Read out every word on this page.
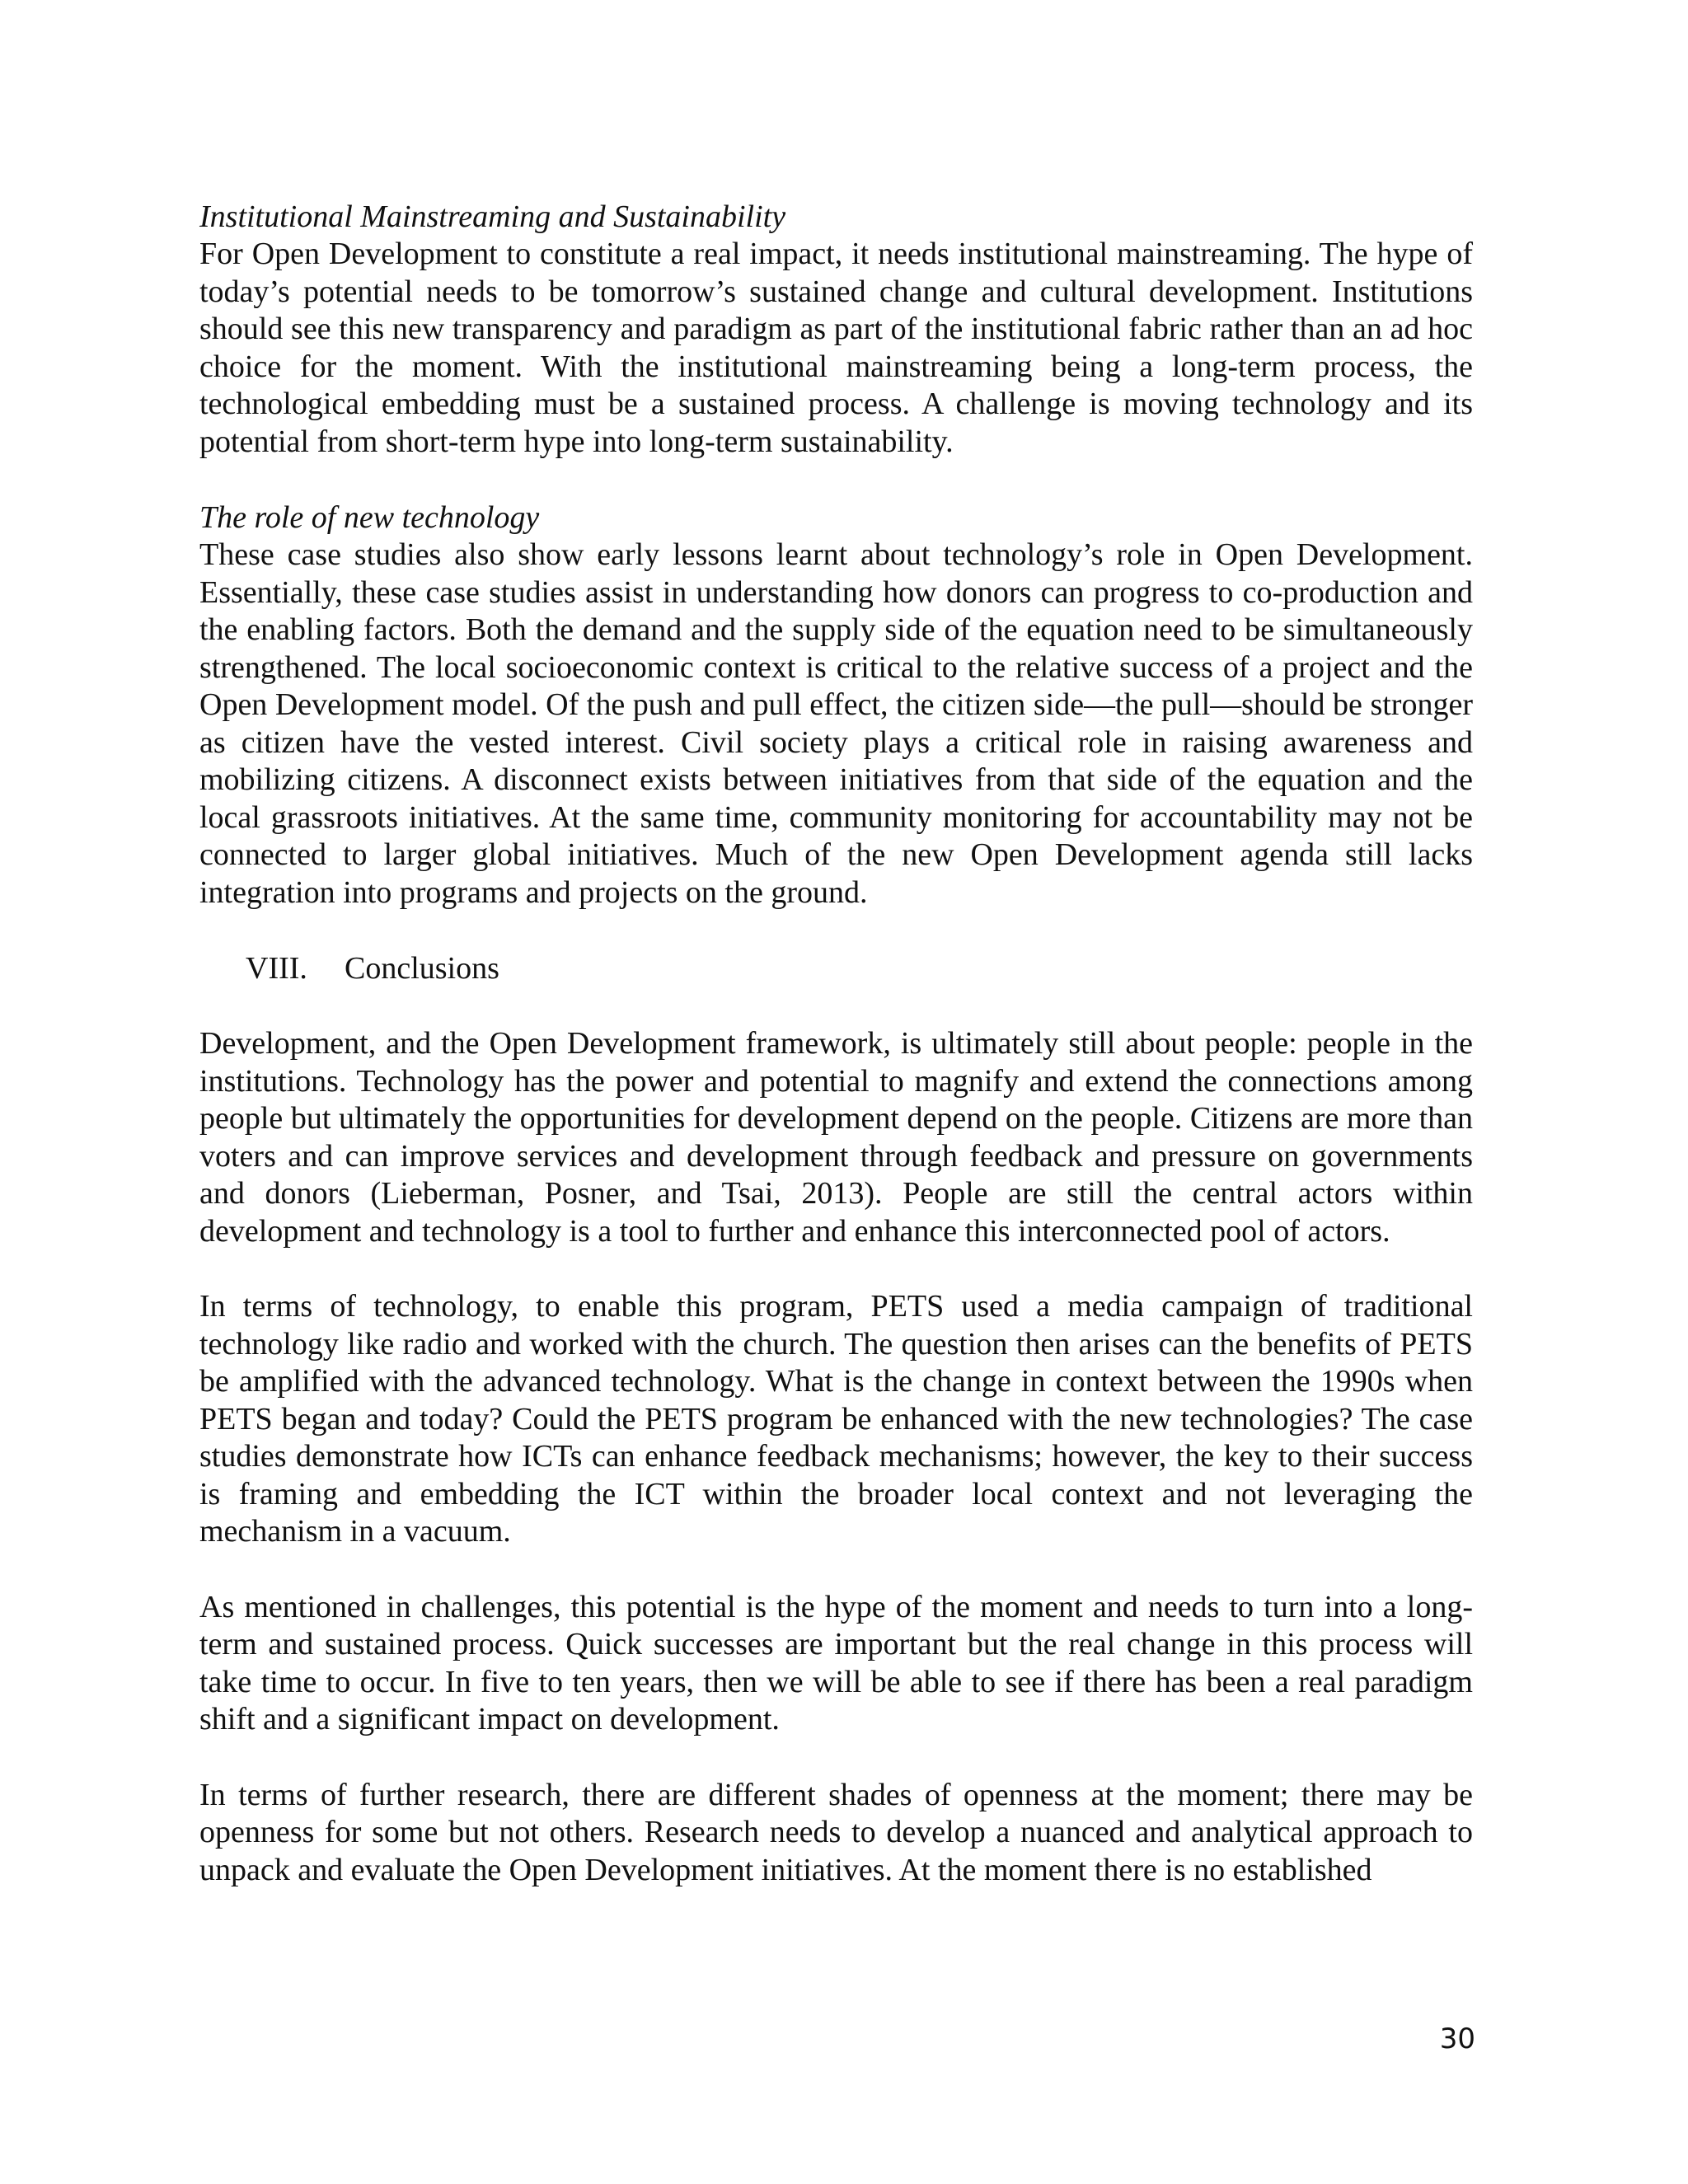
Institutional Mainstreaming and Sustainability

For Open Development to constitute a real impact, it needs institutional mainstreaming. The hype of today’s potential needs to be tomorrow’s sustained change and cultural development. Institutions should see this new transparency and paradigm as part of the institutional fabric rather than an ad hoc choice for the moment. With the institutional mainstreaming being a long-term process, the technological embedding must be a sustained process. A challenge is moving technology and its potential from short-term hype into long-term sustainability.

The role of new technology

These case studies also show early lessons learnt about technology’s role in Open Development. Essentially, these case studies assist in understanding how donors can progress to co-production and the enabling factors. Both the demand and the supply side of the equation need to be simultaneously strengthened. The local socioeconomic context is critical to the relative success of a project and the Open Development model. Of the push and pull effect, the citizen side—the pull—should be stronger as citizen have the vested interest. Civil society plays a critical role in raising awareness and mobilizing citizens. A disconnect exists between initiatives from that side of the equation and the local grassroots initiatives. At the same time, community monitoring for accountability may not be connected to larger global initiatives. Much of the new Open Development agenda still lacks integration into programs and projects on the ground.

VIII. Conclusions

Development, and the Open Development framework, is ultimately still about people: people in the institutions. Technology has the power and potential to magnify and extend the connections among people but ultimately the opportunities for development depend on the people. Citizens are more than voters and can improve services and development through feedback and pressure on governments and donors (Lieberman, Posner, and Tsai, 2013). People are still the central actors within development and technology is a tool to further and enhance this interconnected pool of actors.

In terms of technology, to enable this program, PETS used a media campaign of traditional technology like radio and worked with the church. The question then arises can the benefits of PETS be amplified with the advanced technology. What is the change in context between the 1990s when PETS began and today? Could the PETS program be enhanced with the new technologies? The case studies demonstrate how ICTs can enhance feedback mechanisms; however, the key to their success is framing and embedding the ICT within the broader local context and not leveraging the mechanism in a vacuum.

As mentioned in challenges, this potential is the hype of the moment and needs to turn into a long-term and sustained process. Quick successes are important but the real change in this process will take time to occur. In five to ten years, then we will be able to see if there has been a real paradigm shift and a significant impact on development.

In terms of further research, there are different shades of openness at the moment; there may be openness for some but not others. Research needs to develop a nuanced and analytical approach to unpack and evaluate the Open Development initiatives. At the moment there is no established

30
